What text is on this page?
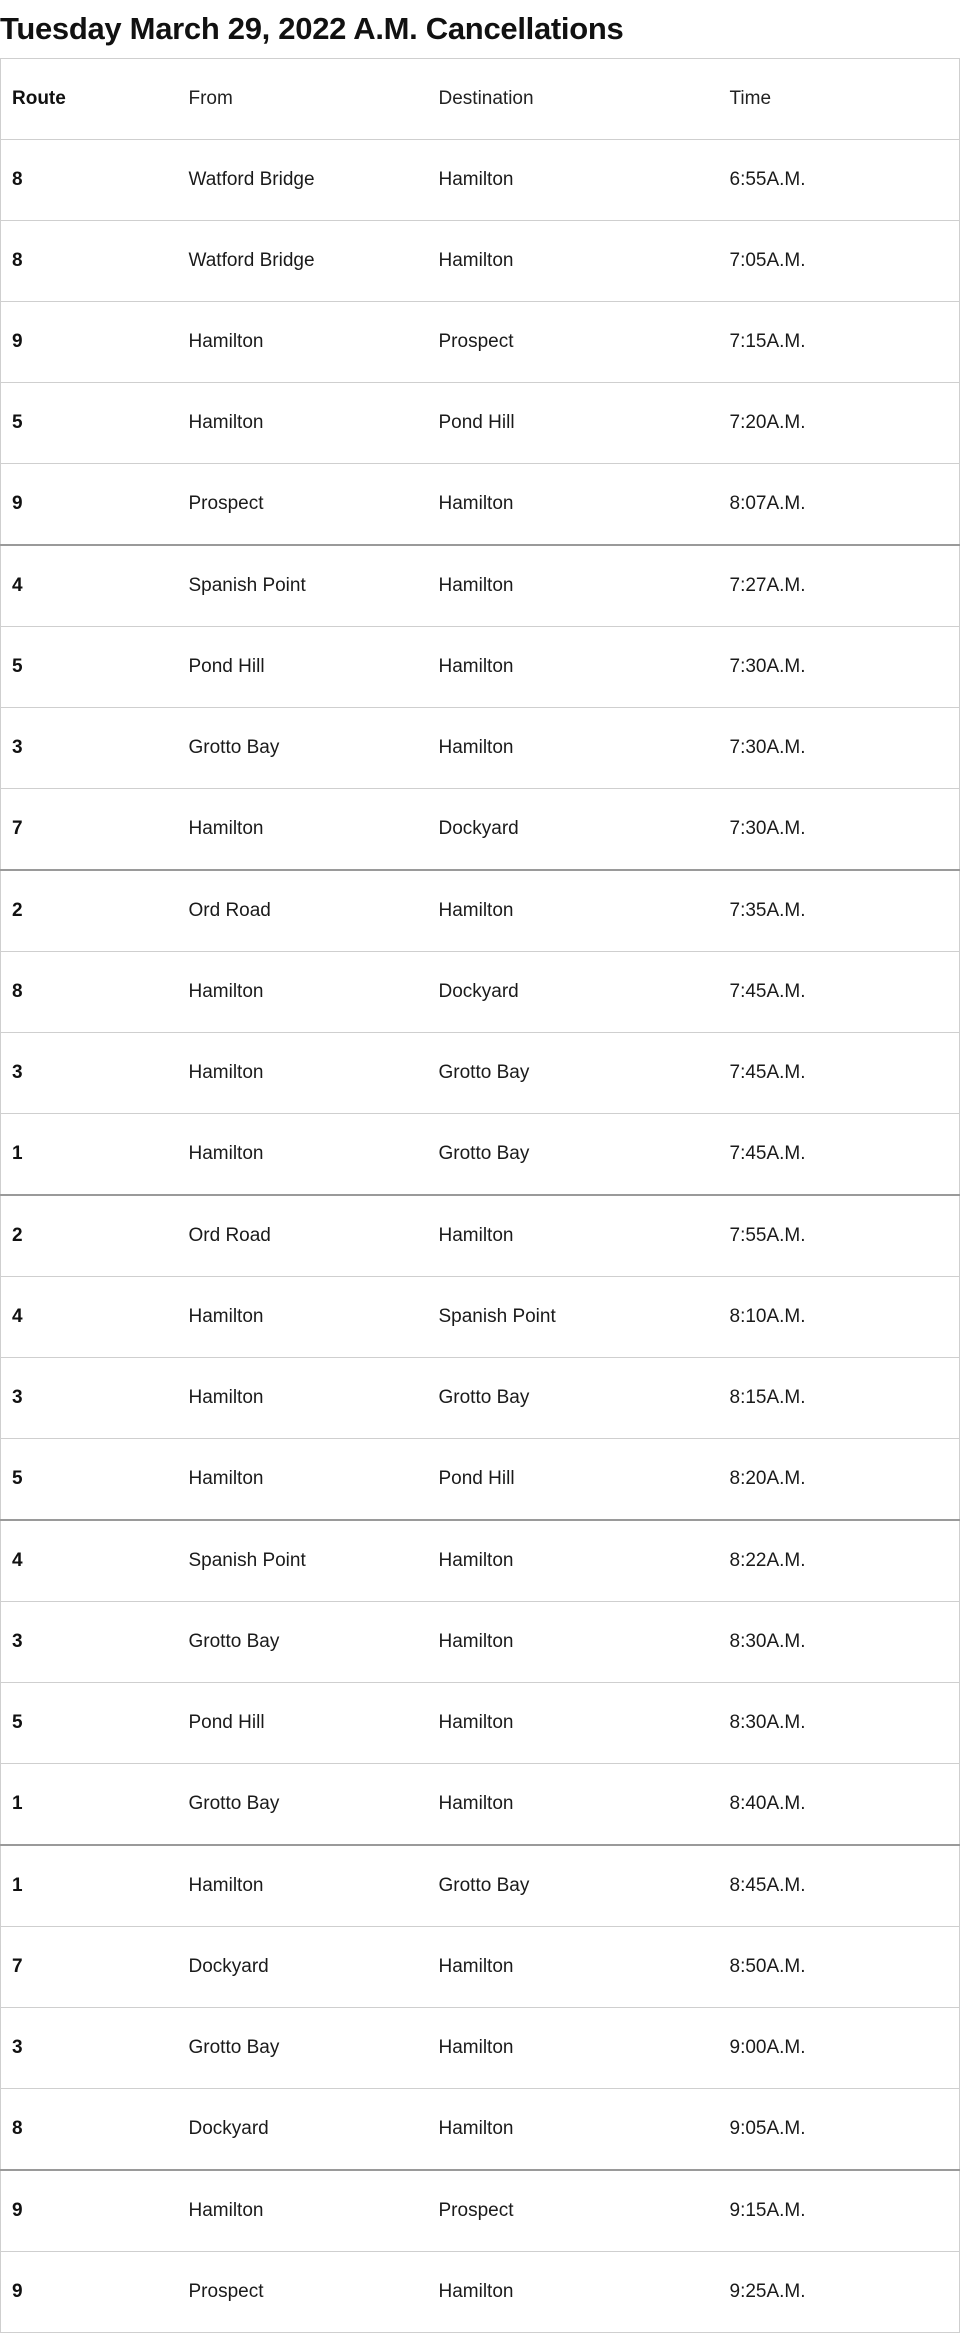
Tuesday March 29, 2022 A.M. Cancellations
Route	From	Destination	Time
8	Watford Bridge	Hamilton	6:55A.M.
8	Watford Bridge	Hamilton	7:05A.M.
9	Hamilton	Prospect	7:15A.M.
5	Hamilton	Pond Hill	7:20A.M.
9	Prospect	Hamilton	8:07A.M.
4	Spanish Point	Hamilton	7:27A.M.
5	Pond Hill	Hamilton	7:30A.M.
3	Grotto Bay	Hamilton	7:30A.M.
7	Hamilton	Dockyard	7:30A.M.
2	Ord Road	Hamilton	7:35A.M.
8	Hamilton	Dockyard	7:45A.M.
3	Hamilton	Grotto Bay	7:45A.M.
1	Hamilton	Grotto Bay	7:45A.M.
2	Ord Road	Hamilton	7:55A.M.
4	Hamilton	Spanish Point	8:10A.M.
3	Hamilton	Grotto Bay	8:15A.M.
5	Hamilton	Pond Hill	8:20A.M.
4	Spanish Point	Hamilton	8:22A.M.
3	Grotto Bay	Hamilton	8:30A.M.
5	Pond Hill	Hamilton	8:30A.M.
1	Grotto Bay	Hamilton	8:40A.M.
1	Hamilton	Grotto Bay	8:45A.M.
7	Dockyard	Hamilton	8:50A.M.
3	Grotto Bay	Hamilton	9:00A.M.
8	Dockyard	Hamilton	9:05A.M.
9	Hamilton	Prospect	9:15A.M.
9	Prospect	Hamilton	9:25A.M.
